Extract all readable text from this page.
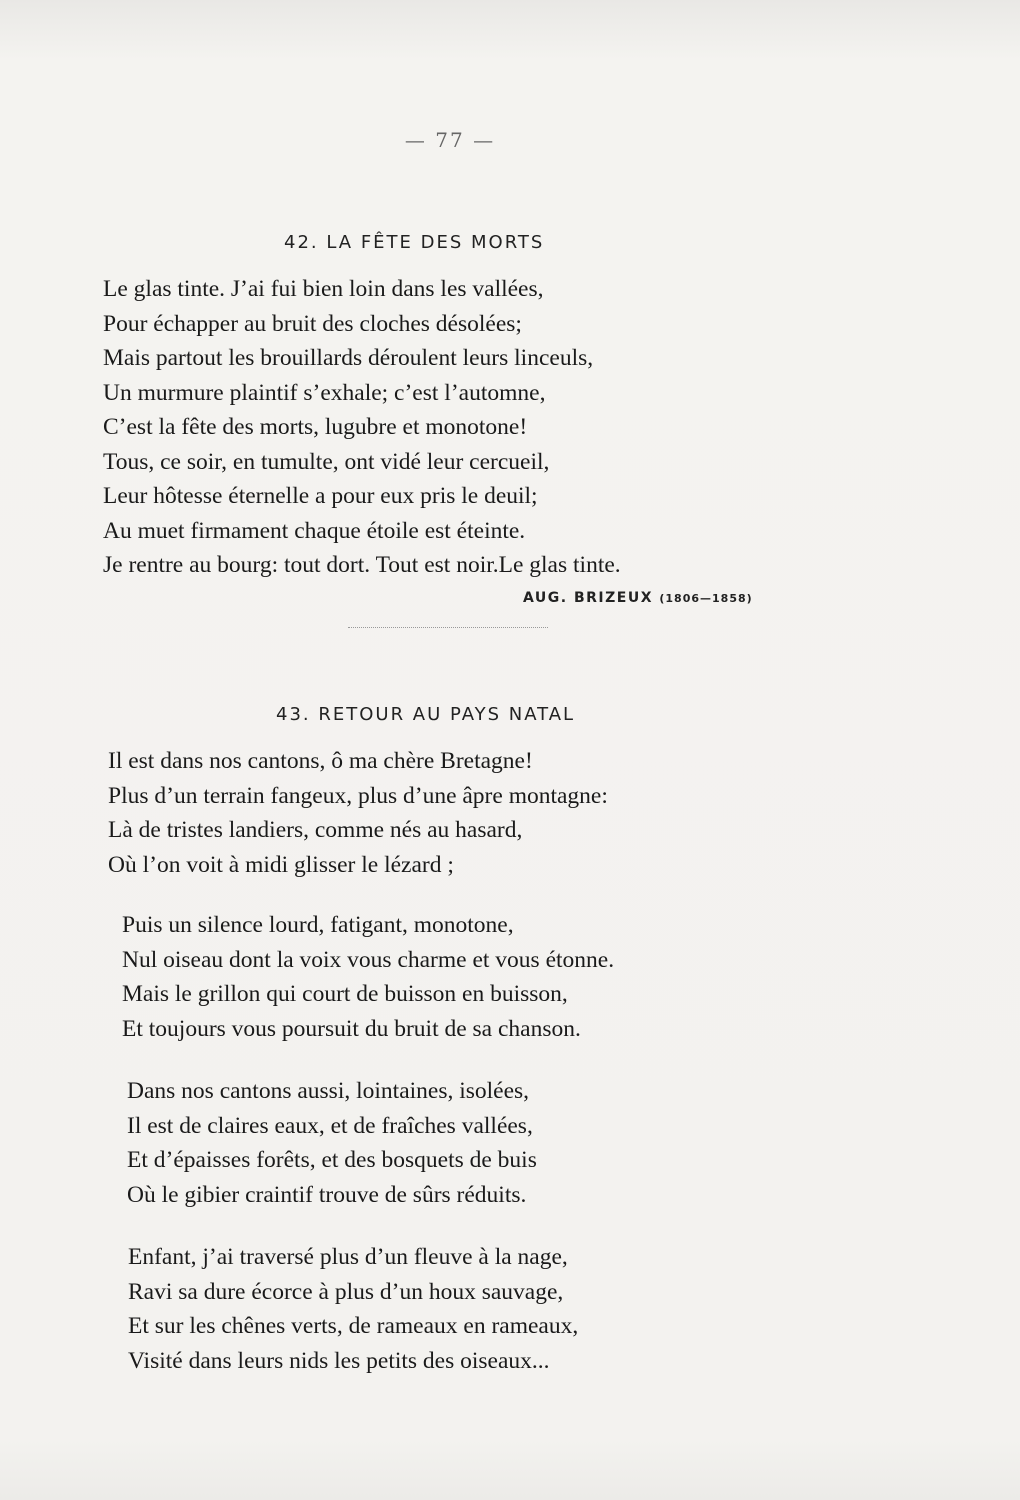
— 77 —
42. LA FÊTE DES MORTS
Le glas tinte. J’ai fui bien loin dans les vallées,
Pour échapper au bruit des cloches désolées;
Mais partout les brouillards déroulent leurs linceuls,
Un murmure plaintif s’exhale; c’est l’automne,
C’est la fête des morts, lugubre et monotone!
Tous, ce soir, en tumulte, ont vidé leur cercueil,
Leur hôtesse éternelle a pour eux pris le deuil;
Au muet firmament chaque étoile est éteinte.
Je rentre au bourg: tout dort. Tout est noir.Le glas tinte.
AUG. BRIZEUX (1806—1858)
43. RETOUR AU PAYS NATAL
Il est dans nos cantons, ô ma chère Bretagne!
Plus d’un terrain fangeux, plus d’une âpre montagne:
Là de tristes landiers, comme nés au hasard,
Où l’on voit à midi glisser le lézard ;
Puis un silence lourd, fatigant, monotone,
Nul oiseau dont la voix vous charme et vous étonne.
Mais le grillon qui court de buisson en buisson,
Et toujours vous poursuit du bruit de sa chanson.
Dans nos cantons aussi, lointaines, isolées,
Il est de claires eaux, et de fraîches vallées,
Et d’épaisses forêts, et des bosquets de buis
Où le gibier craintif trouve de sûrs réduits.
Enfant, j’ai traversé plus d’un fleuve à la nage,
Ravi sa dure écorce à plus d’un houx sauvage,
Et sur les chênes verts, de rameaux en rameaux,
Visité dans leurs nids les petits des oiseaux...
